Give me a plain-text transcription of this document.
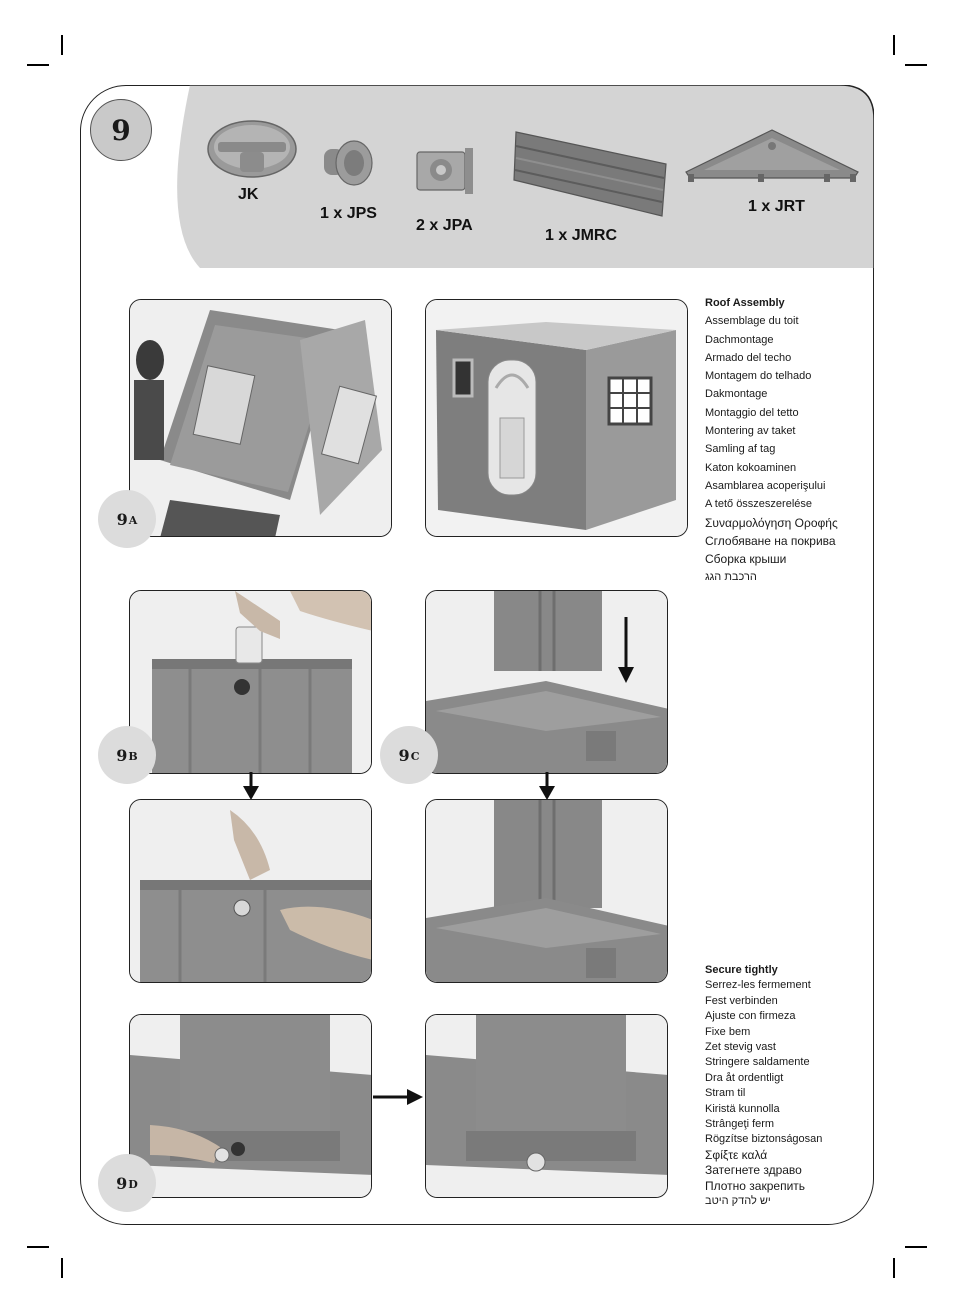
9
JK
1 x JPS
2 x JPA
1 x JMRC
1 x JRT
9 A
9 B	9 C
9 D
Roof Assembly
Assemblage du toit
Dachmontage
Armado del techo
Montagem do telhado
Dakmontage
Montaggio del tetto
Montering av taket
Samling af tag
Katon kokoaminen
Asamblarea acoperişului
A tető összeszerelése
Συναρμολόγηση Οροφής
Сглобяване на покрива
Сборка крыши
הרכבת הגג
Secure tightly
Serrez-les fermement
Fest verbinden
Ajuste con firmeza
Fixe bem
Zet stevig vast
Stringere saldamente
Dra åt ordentligt
Stram til
Kiristä kunnolla
Strângeţi ferm
Rögzítse biztonságosan
Σφίξτε καλά
Затегнете здраво
Плотно закрепить
יש להדק היטב
